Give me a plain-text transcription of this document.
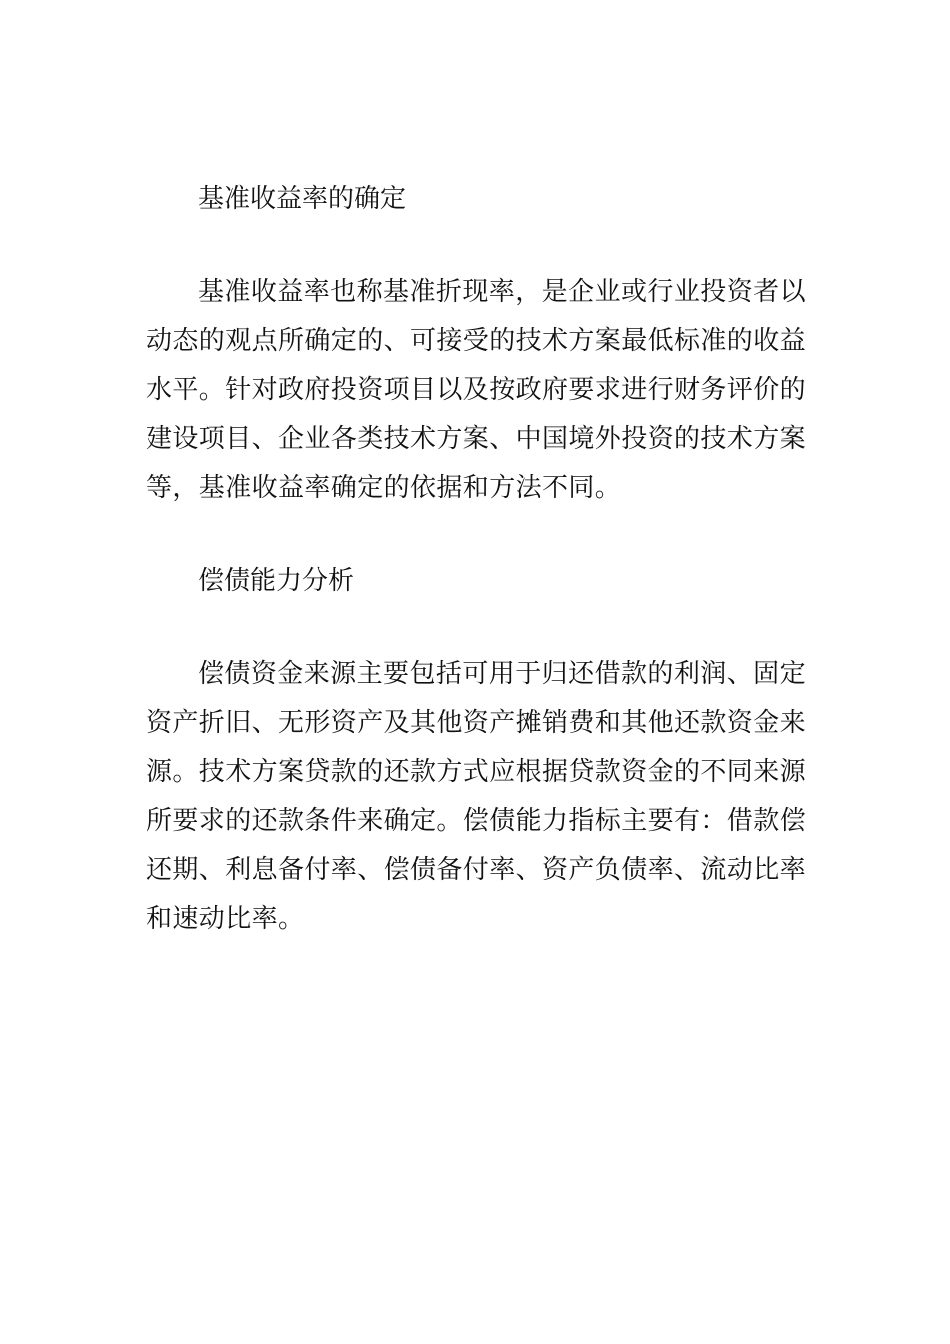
基准收益率的确定

基准收益率也称基准折现率，是企业或行业投资者以动态的观点所确定的、可接受的技术方案最低标准的收益水平。针对政府投资项目以及按政府要求进行财务评价的建设项目、企业各类技术方案、中国境外投资的技术方案等，基准收益率确定的依据和方法不同。

偿债能力分析

偿债资金来源主要包括可用于归还借款的利润、固定资产折旧、无形资产及其他资产摊销费和其他还款资金来源。技术方案贷款的还款方式应根据贷款资金的不同来源所要求的还款条件来确定。偿债能力指标主要有：借款偿还期、利息备付率、偿债备付率、资产负债率、流动比率和速动比率。
